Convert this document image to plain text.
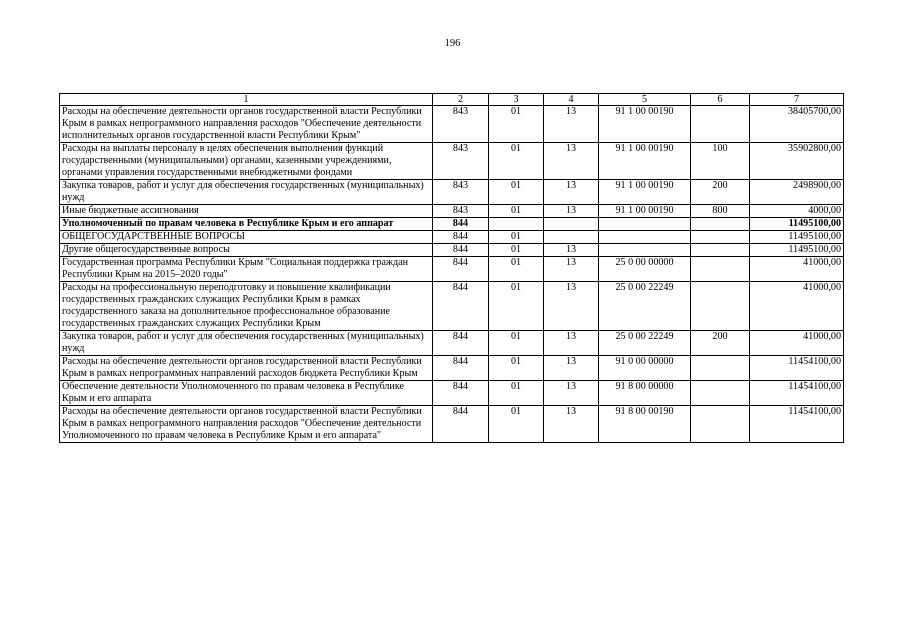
196
1	2	3	4	5	6	7
Расходы на обеспечение деятельности органов государственной власти Республики Крым в рамках непрограммного направления расходов "Обеспечение деятельности исполнительных органов государственной власти Республики Крым"	843	01	13	91 1 00 00190		38405700,00
Расходы на выплаты персоналу в целях обеспечения выполнения функций государственными (муниципальными) органами, казенными учреждениями, органами управления государственными внебюджетными фондами	843	01	13	91 1 00 00190	100	35902800,00
Закупка товаров, работ и услуг для обеспечения государственных (муниципальных) нужд	843	01	13	91 1 00 00190	200	2498900,00
Иные бюджетные ассигнования	843	01	13	91 1 00 00190	800	4000,00
Уполномоченный по правам человека в Республике Крым и его аппарат	844					11495100,00
ОБЩЕГОСУДАРСТВЕННЫЕ ВОПРОСЫ	844	01				11495100,00
Другие общегосударственные вопросы	844	01	13			11495100,00
Государственная программа Республики Крым "Социальная поддержка граждан Республики Крым на 2015–2020 годы"	844	01	13	25 0 00 00000		41000,00
Расходы на профессиональную переподготовку и повышение квалификации государственных гражданских служащих Республики Крым в рамках государственного заказа на дополнительное профессиональное образование государственных гражданских служащих Республики Крым	844	01	13	25 0 00 22249		41000,00
Закупка товаров, работ и услуг для обеспечения государственных (муниципальных) нужд	844	01	13	25 0 00 22249	200	41000,00
Расходы на обеспечение деятельности органов государственной власти Республики Крым в рамках непрограммных направлений расходов бюджета Республики Крым	844	01	13	91 0 00 00000		11454100,00
Обеспечение деятельности Уполномоченного по правам человека в Республике Крым и его аппарата	844	01	13	91 8 00 00000		11454100,00
Расходы на обеспечение деятельности органов государственной власти Республики Крым в рамках непрограммного направления расходов "Обеспечение деятельности Уполномоченного по правам человека в Республике Крым и его аппарата"	844	01	13	91 8 00 00190		11454100,00
